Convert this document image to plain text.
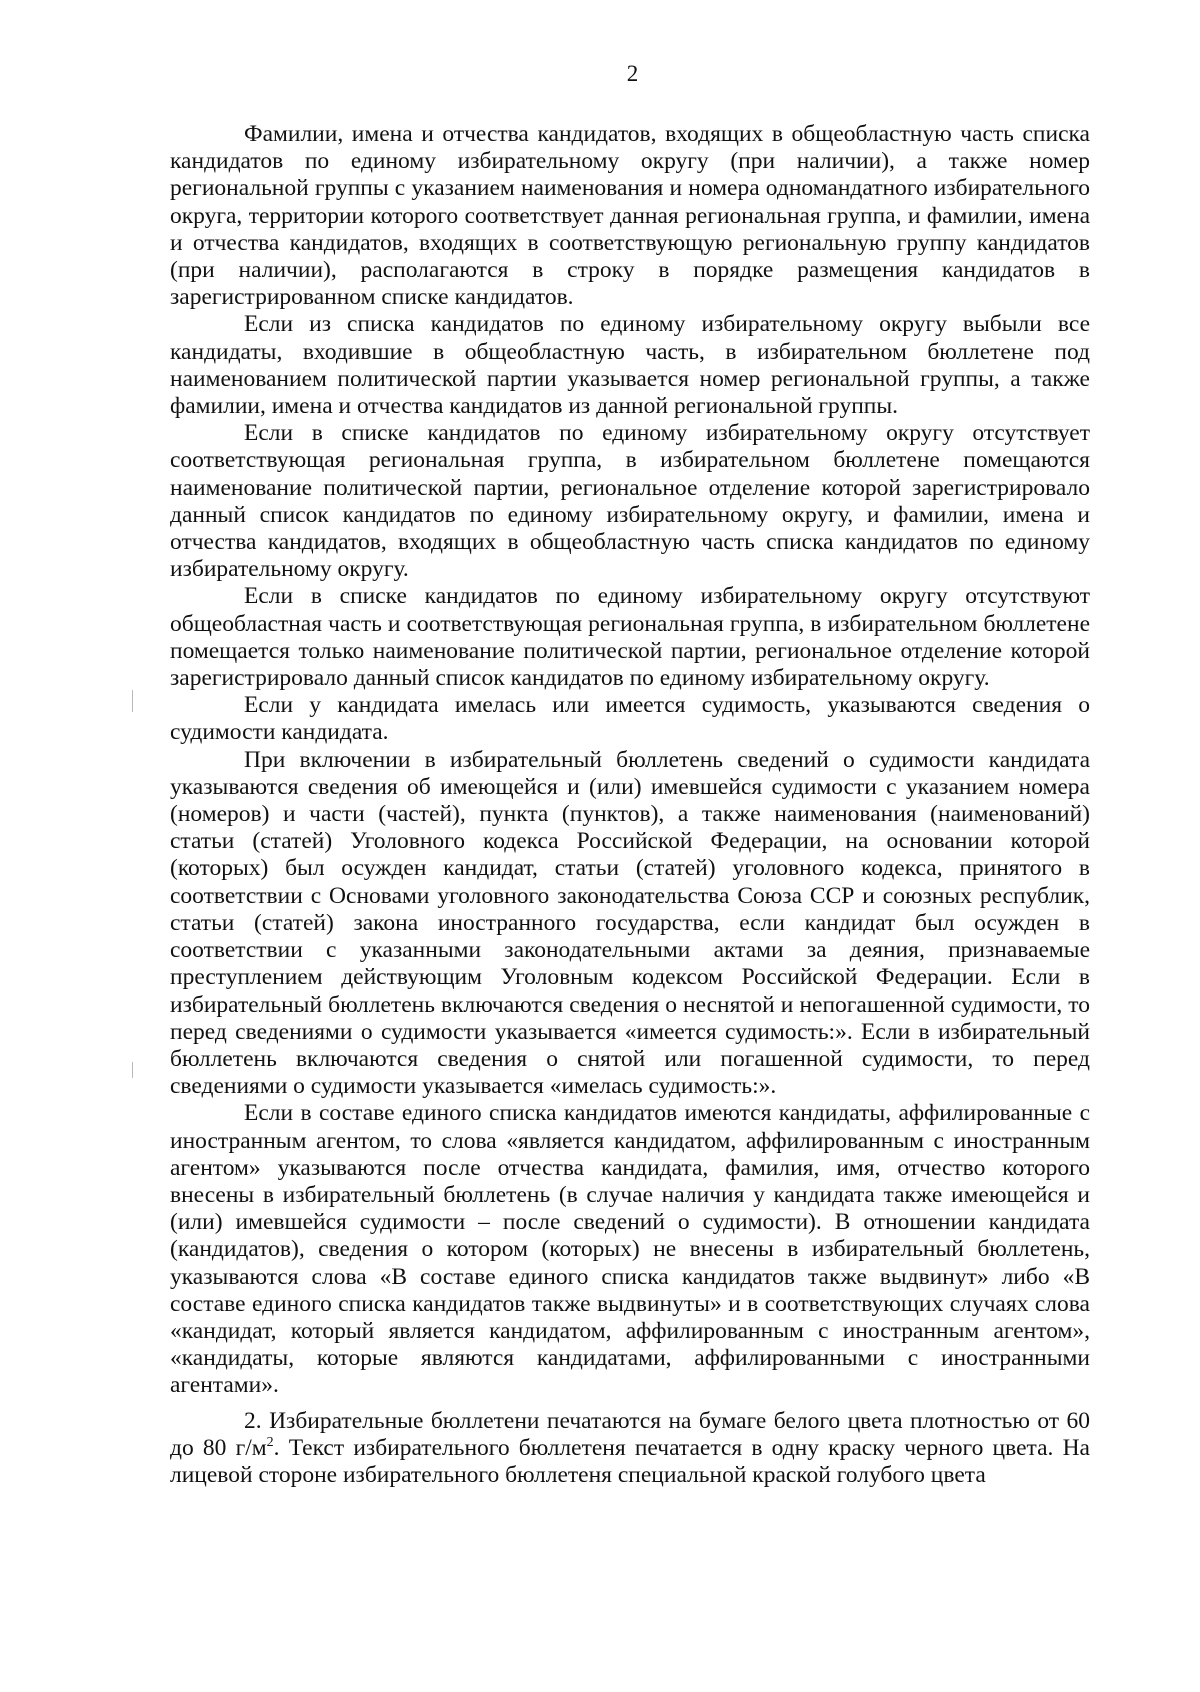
2

Фамилии, имена и отчества кандидатов, входящих в общеобластную часть списка кандидатов по единому избирательному округу (при наличии), а также номер региональной группы с указанием наименования и номера одномандатного избирательного округа, территории которого соответствует данная региональная группа, и фамилии, имена и отчества кандидатов, входящих в соответствующую региональную группу кандидатов (при наличии), располагаются в строку в порядке размещения кандидатов в зарегистрированном списке кандидатов.

Если из списка кандидатов по единому избирательному округу выбыли все кандидаты, входившие в общеобластную часть, в избирательном бюллетене под наименованием политической партии указывается номер региональной группы, а также фамилии, имена и отчества кандидатов из данной региональной группы.

Если в списке кандидатов по единому избирательному округу отсутствует соответствующая региональная группа, в избирательном бюллетене помещаются наименование политической партии, региональное отделение которой зарегистрировало данный список кандидатов по единому избирательному округу, и фамилии, имена и отчества кандидатов, входящих в общеобластную часть списка кандидатов по единому избирательному округу.

Если в списке кандидатов по единому избирательному округу отсутствуют общеобластная часть и соответствующая региональная группа, в избирательном бюллетене помещается только наименование политической партии, региональное отделение которой зарегистрировало данный список кандидатов по единому избирательному округу.

Если у кандидата имелась или имеется судимость, указываются сведения о судимости кандидата.

При включении в избирательный бюллетень сведений о судимости кандидата указываются сведения об имеющейся и (или) имевшейся судимости с указанием номера (номеров) и части (частей), пункта (пунктов), а также наименования (наименований) статьи (статей) Уголовного кодекса Российской Федерации, на основании которой (которых) был осужден кандидат, статьи (статей) уголовного кодекса, принятого в соответствии с Основами уголовного законодательства Союза ССР и союзных республик, статьи (статей) закона иностранного государства, если кандидат был осужден в соответствии с указанными законодательными актами за деяния, признаваемые преступлением действующим Уголовным кодексом Российской Федерации. Если в избирательный бюллетень включаются сведения о неснятой и непогашенной судимости, то перед сведениями о судимости указывается «имеется судимость:». Если в избирательный бюллетень включаются сведения о снятой или погашенной судимости, то перед сведениями о судимости указывается «имелась судимость:».

Если в составе единого списка кандидатов имеются кандидаты, аффилированные с иностранным агентом, то слова «является кандидатом, аффилированным с иностранным агентом» указываются после отчества кандидата, фамилия, имя, отчество которого внесены в избирательный бюллетень (в случае наличия у кандидата также имеющейся и (или) имевшейся судимости – после сведений о судимости). В отношении кандидата (кандидатов), сведения о котором (которых) не внесены в избирательный бюллетень, указываются слова «В составе единого списка кандидатов также выдвинут» либо «В составе единого списка кандидатов также выдвинуты» и в соответствующих случаях слова «кандидат, который является кандидатом, аффилированным с иностранным агентом», «кандидаты, которые являются кандидатами, аффилированными с иностранными агентами».

2. Избирательные бюллетени печатаются на бумаге белого цвета плотностью от 60 до 80 $г/м^2$. Текст избирательного бюллетеня печатается в одну краску черного цвета. На лицевой стороне избирательного бюллетеня специальной краской голубого цвета
